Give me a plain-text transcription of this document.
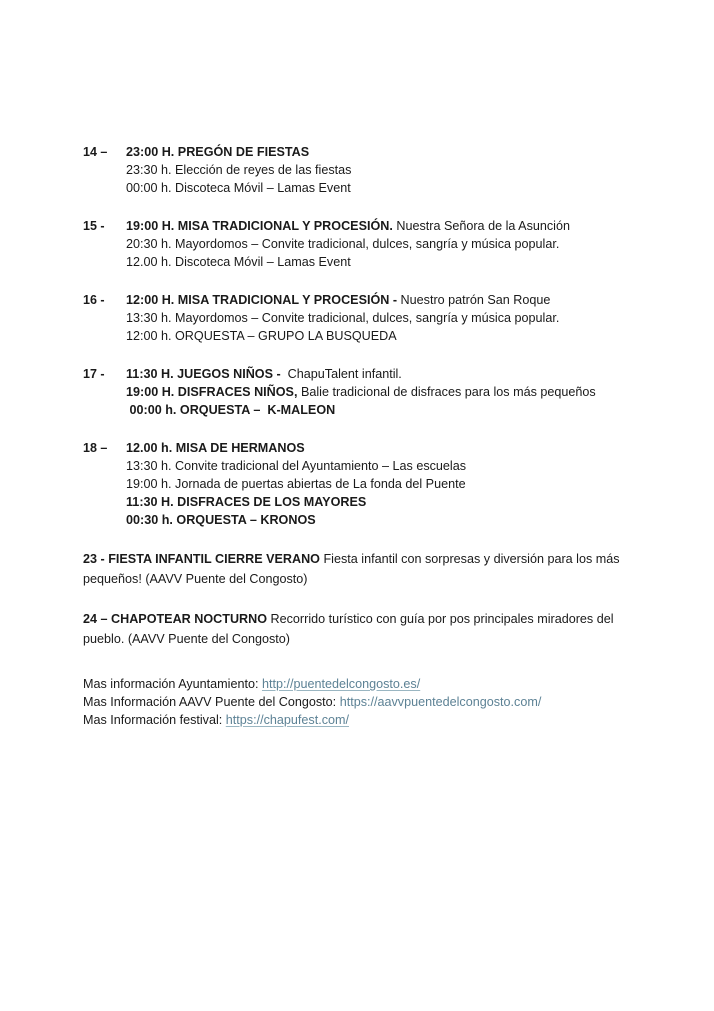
14 –	23:00 H. PREGÓN DE FIESTAS
23:30 h. Elección de reyes de las fiestas
00:00 h. Discoteca Móvil – Lamas Event
15 -	19:00 H. MISA TRADICIONAL Y PROCESIÓN. Nuestra Señora de la Asunción
20:30 h. Mayordomos – Convite tradicional, dulces, sangría y música popular.
12.00 h. Discoteca Móvil – Lamas Event
16 -	12:00 H. MISA TRADICIONAL Y PROCESIÓN - Nuestro patrón San Roque
13:30 h. Mayordomos – Convite tradicional, dulces, sangría y música popular.
12:00 h. ORQUESTA – GRUPO LA BUSQUEDA
17 -	11:30 H. JUEGOS NIÑOS -  ChapuTalent infantil.
19:00 H. DISFRACES NIÑOS, Balie tradicional de disfraces para los más pequeños
00:00 h. ORQUESTA –  K-MALEON
18 –	12.00 h. MISA DE HERMANOS
13:30 h. Convite tradicional del Ayuntamiento – Las escuelas
19:00 h. Jornada de puertas abiertas de La fonda del Puente
11:30 H. DISFRACES DE LOS MAYORES
00:30 h. ORQUESTA – KRONOS
23 - FIESTA INFANTIL CIERRE VERANO Fiesta infantil con sorpresas y diversión para los más pequeños! (AAVV Puente del Congosto)
24 – CHAPOTEAR NOCTURNO Recorrido turístico con guía por pos principales miradores del pueblo. (AAVV Puente del Congosto)
Mas información Ayuntamiento: http://puentedelcongosto.es/
Mas Información AAVV Puente del Congosto: https://aavvpuentedelcongosto.com/
Mas Información festival: https://chapufest.com/
